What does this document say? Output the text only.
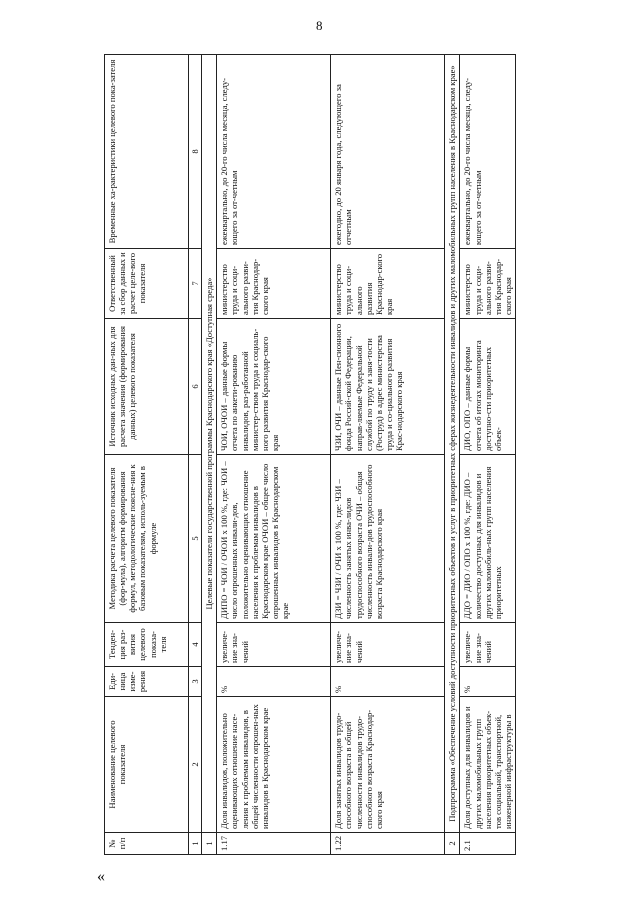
8
«
№ п/п	Наименование целевого показателя	Еди-ница изме-рения	Тенден-ция раз-вития целевого показа-теля	Методика расчета целевого показателя (фор-мула), алгоритм формирования формул, методологические поясне-ния к базовым показателям, исполь-зуемым в формуле	Источник исходных дан-ных для расчета значения (формирования данных) целевого показателя	Ответственный за сбор данных и расчет целе-вого показателя	Временные ха-рактеристики целевого пока-зателя
1	2	3	4	5	6	7	8
1	Целевые показатели государственной программы Краснодарского края «Доступная среда»						
1.17	Доля инвалидов, положительно оценивающих отношение насе-ления к проблемам инвалидов, в общей численности опрошен-ных инвалидов в Краснодарском крае	%	увеличе-ние зна-чений	ДИПО = ЧОИ / ОЧОИ x 100 %, где: ЧОИ – число опрошенных инвали-дов, положительно оценивающих отношение населения к проблемам инвалидов в Краснодарском крае ОЧОИ – общее число опрошенных инвалидов в Краснодарском крае	ЧОИ, ОЧОИ – данные формы отчета по анкети-рованию инвалидов, раз-работанной министер-ством труда и социаль-ного развития Краснодар-ского края	министерство труда и соци-ального разви-тия Краснодар-ского края	ежеквартально, до 20-го числа месяца, следу-ющего за от-четным
1.22	Доля занятых инвалидов трудо-способного возраста в общей численности инвалидов трудо-способного возраста Краснодар-ского края	%	увеличе-ние зна-чений	ДЗИ = ЧЗИ / ОЧИ x 100 %, где: ЧЗИ – численность занятых инва-лидов трудоспособного возраста ОЧИ – общая численность инвали-дов трудоспособного возраста Краснодарского края	ЧЗИ, ОЧИ – данные Пен-сионного фонда Россий-ской Федерации, направ-ляемые Федеральной службой по труду и заня-тости (Роструд) в адрес министерства труда и со-циального развития Крас-нодарского края	министерство труда и соци-ального развития Краснодар-ского края	ежегодно, до 20 января года, следующего за отчетным
2	Подпрограмма «Обеспечение условий доступности приоритетных объектов и услуг в приоритетных сферах жизнедеятельности инвалидов и других маломобильных групп населения в Краснодарском крае»						
2.1	Доля доступных для инвалидов и других маломобильных групп населения приоритетных объек-тов социальной, транспортной, инженерной инфраструктуры в	%	увеличе-ние зна-чений	ДДО = ДИО / ОПО x 100 %, где: ДИО – количество доступных для инвалидов и других маломобиль-ных групп населения приоритетных	ДИО, ОПО – данные формы отчета об итогах мониторинга доступно-сти приоритетных объек-	министерство труда и соци-ального разви-тия Краснодар-ского края	ежеквартально, до 20-го числа месяца, следу-ющего за от-четным
